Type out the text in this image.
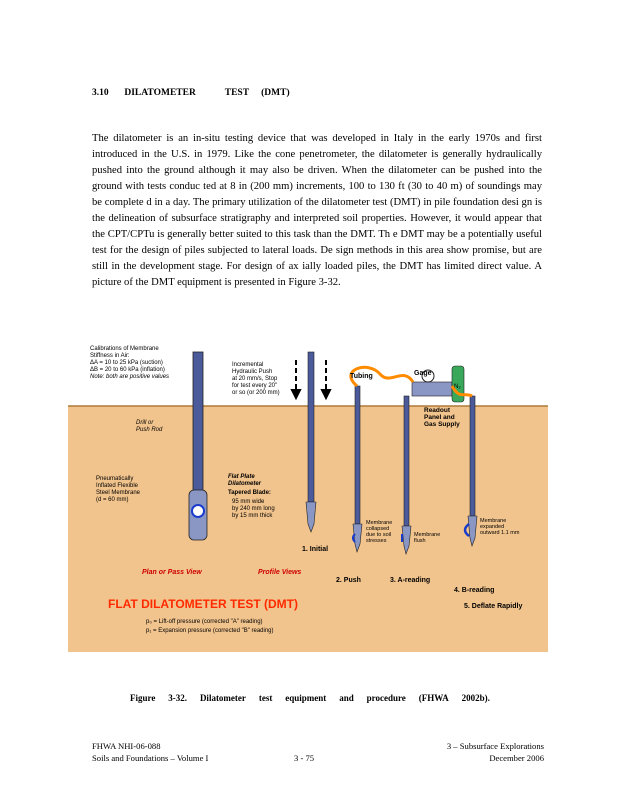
3.10 DILATOMETER	TEST (DMT)

The dilatometer is an in-situ testing device that was developed in Italy in the early 1970s and first introduced in the U.S. in 1979. Like the cone penetrometer, the dilatometer is generally hydraulically pushed into the ground although it may also be driven. When the dilatometer can be pushed into the ground with tests conduc ted at 8 in (200 mm) increments, 100 to 130 ft (30 to 40 m) of soundings may be complete d in a day. The primary utilization of the dilatometer test (DMT) in pile foundation desi gn is the delineation of subsurface stratigraphy and interpreted soil properties. However, it would appear that the CPT/CPTu is generally better suited to this task than the DMT. Th e DMT may be a potentially useful test for the design of piles subjected to lateral loads. De sign methods in this area show promise, but are still in the development stage. For design of ax ially loaded piles, the DMT has limited direct value. A picture of the DMT equipment is presented in Figure 3-32.

N₂
Calibrations of Membrane
Stiffness in Air:
ΔA = 10 to 25 kPa (suction)
ΔB = 20 to 60 kPa (inflation)
Note: both are positive values
Incremental
Hydraulic Push
at 20 mm/s, Stop
for test every 20"
or so (or 200 mm)
Tubing	Gage
Readout
Panel and
Gas Supply
Drill or
Push Rod
Pneumatically
Inflated Flexible
Steel Membrane
(d = 60 mm)
Flat Plate
Dilatometer
Tapered Blade:
95 mm wide
by 240 mm long
by 15 mm thick
Membrane
collapsed
due to soil
stresses
Membrane
flush
Membrane
expanded
outward 1.1 mm
1. Initial
2. Push	3. A-reading
4. B-reading
5. Deflate Rapidly
Plan or Pass View	Profile Views
FLAT DILATOMETER TEST (DMT)
p₀ = Lift-off pressure (corrected "A" reading)
p₁ = Expansion pressure (corrected "B" reading)
Figure 3-32. Dilatometer test equipment and procedure (FHWA 2002b).
FHWA NHI-06-088
Soils and Foundations – Volume I	3 - 75
3 – Subsurface Explorations
December 2006
